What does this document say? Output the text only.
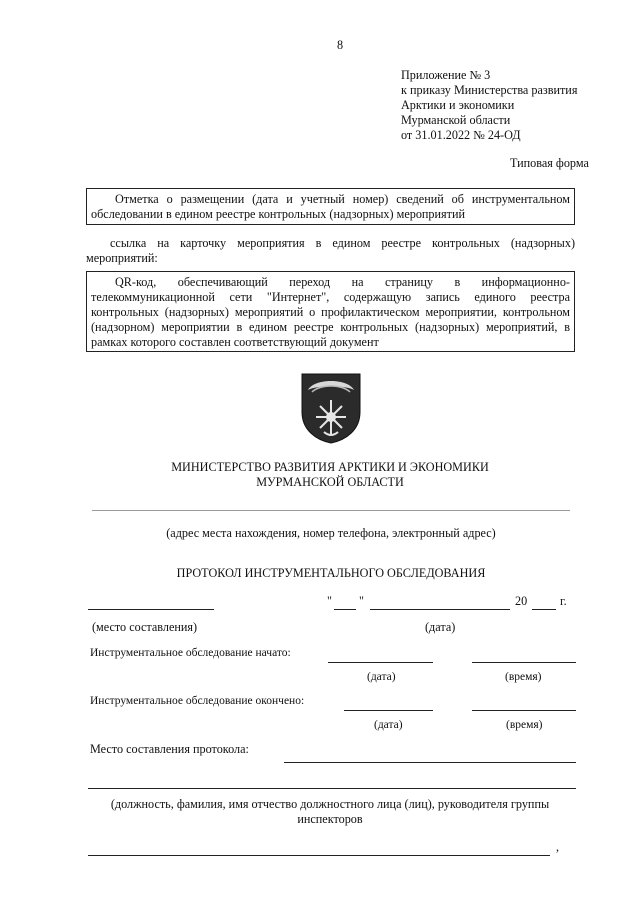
8
Приложение № 3
к приказу Министерства развития
Арктики и экономики
Мурманской области
от 31.01.2022 № 24-ОД
Типовая форма
Отметка о размещении (дата и учетный номер) сведений об инструментальном обследовании в едином реестре контрольных (надзорных) мероприятий
ссылка на карточку мероприятия в едином реестре контрольных (надзорных) мероприятий:
QR-код, обеспечивающий переход на страницу в информационно-телекоммуникационной сети "Интернет", содержащую запись единого реестра контрольных (надзорных) мероприятий о профилактическом мероприятии, контрольном (надзорном) мероприятии в едином реестре контрольных (надзорных) мероприятий, в рамках которого составлен соответствующий документ
МИНИСТЕРСТВО РАЗВИТИЯ АРКТИКИ И ЭКОНОМИКИ
МУРМАНСКОЙ ОБЛАСТИ
(адрес места нахождения, номер телефона, электронный адрес)
ПРОТОКОЛ ИНСТРУМЕНТАЛЬНОГО ОБСЛЕДОВАНИЯ
" "	20	г.
(место составления)	(дата)
Инструментальное обследование начато:
(дата)	(время)
Инструментальное обследование окончено:
(дата)	(время)
Место составления протокола:
(должность, фамилия, имя отчество должностного лица (лиц), руководителя группы инспекторов
,
